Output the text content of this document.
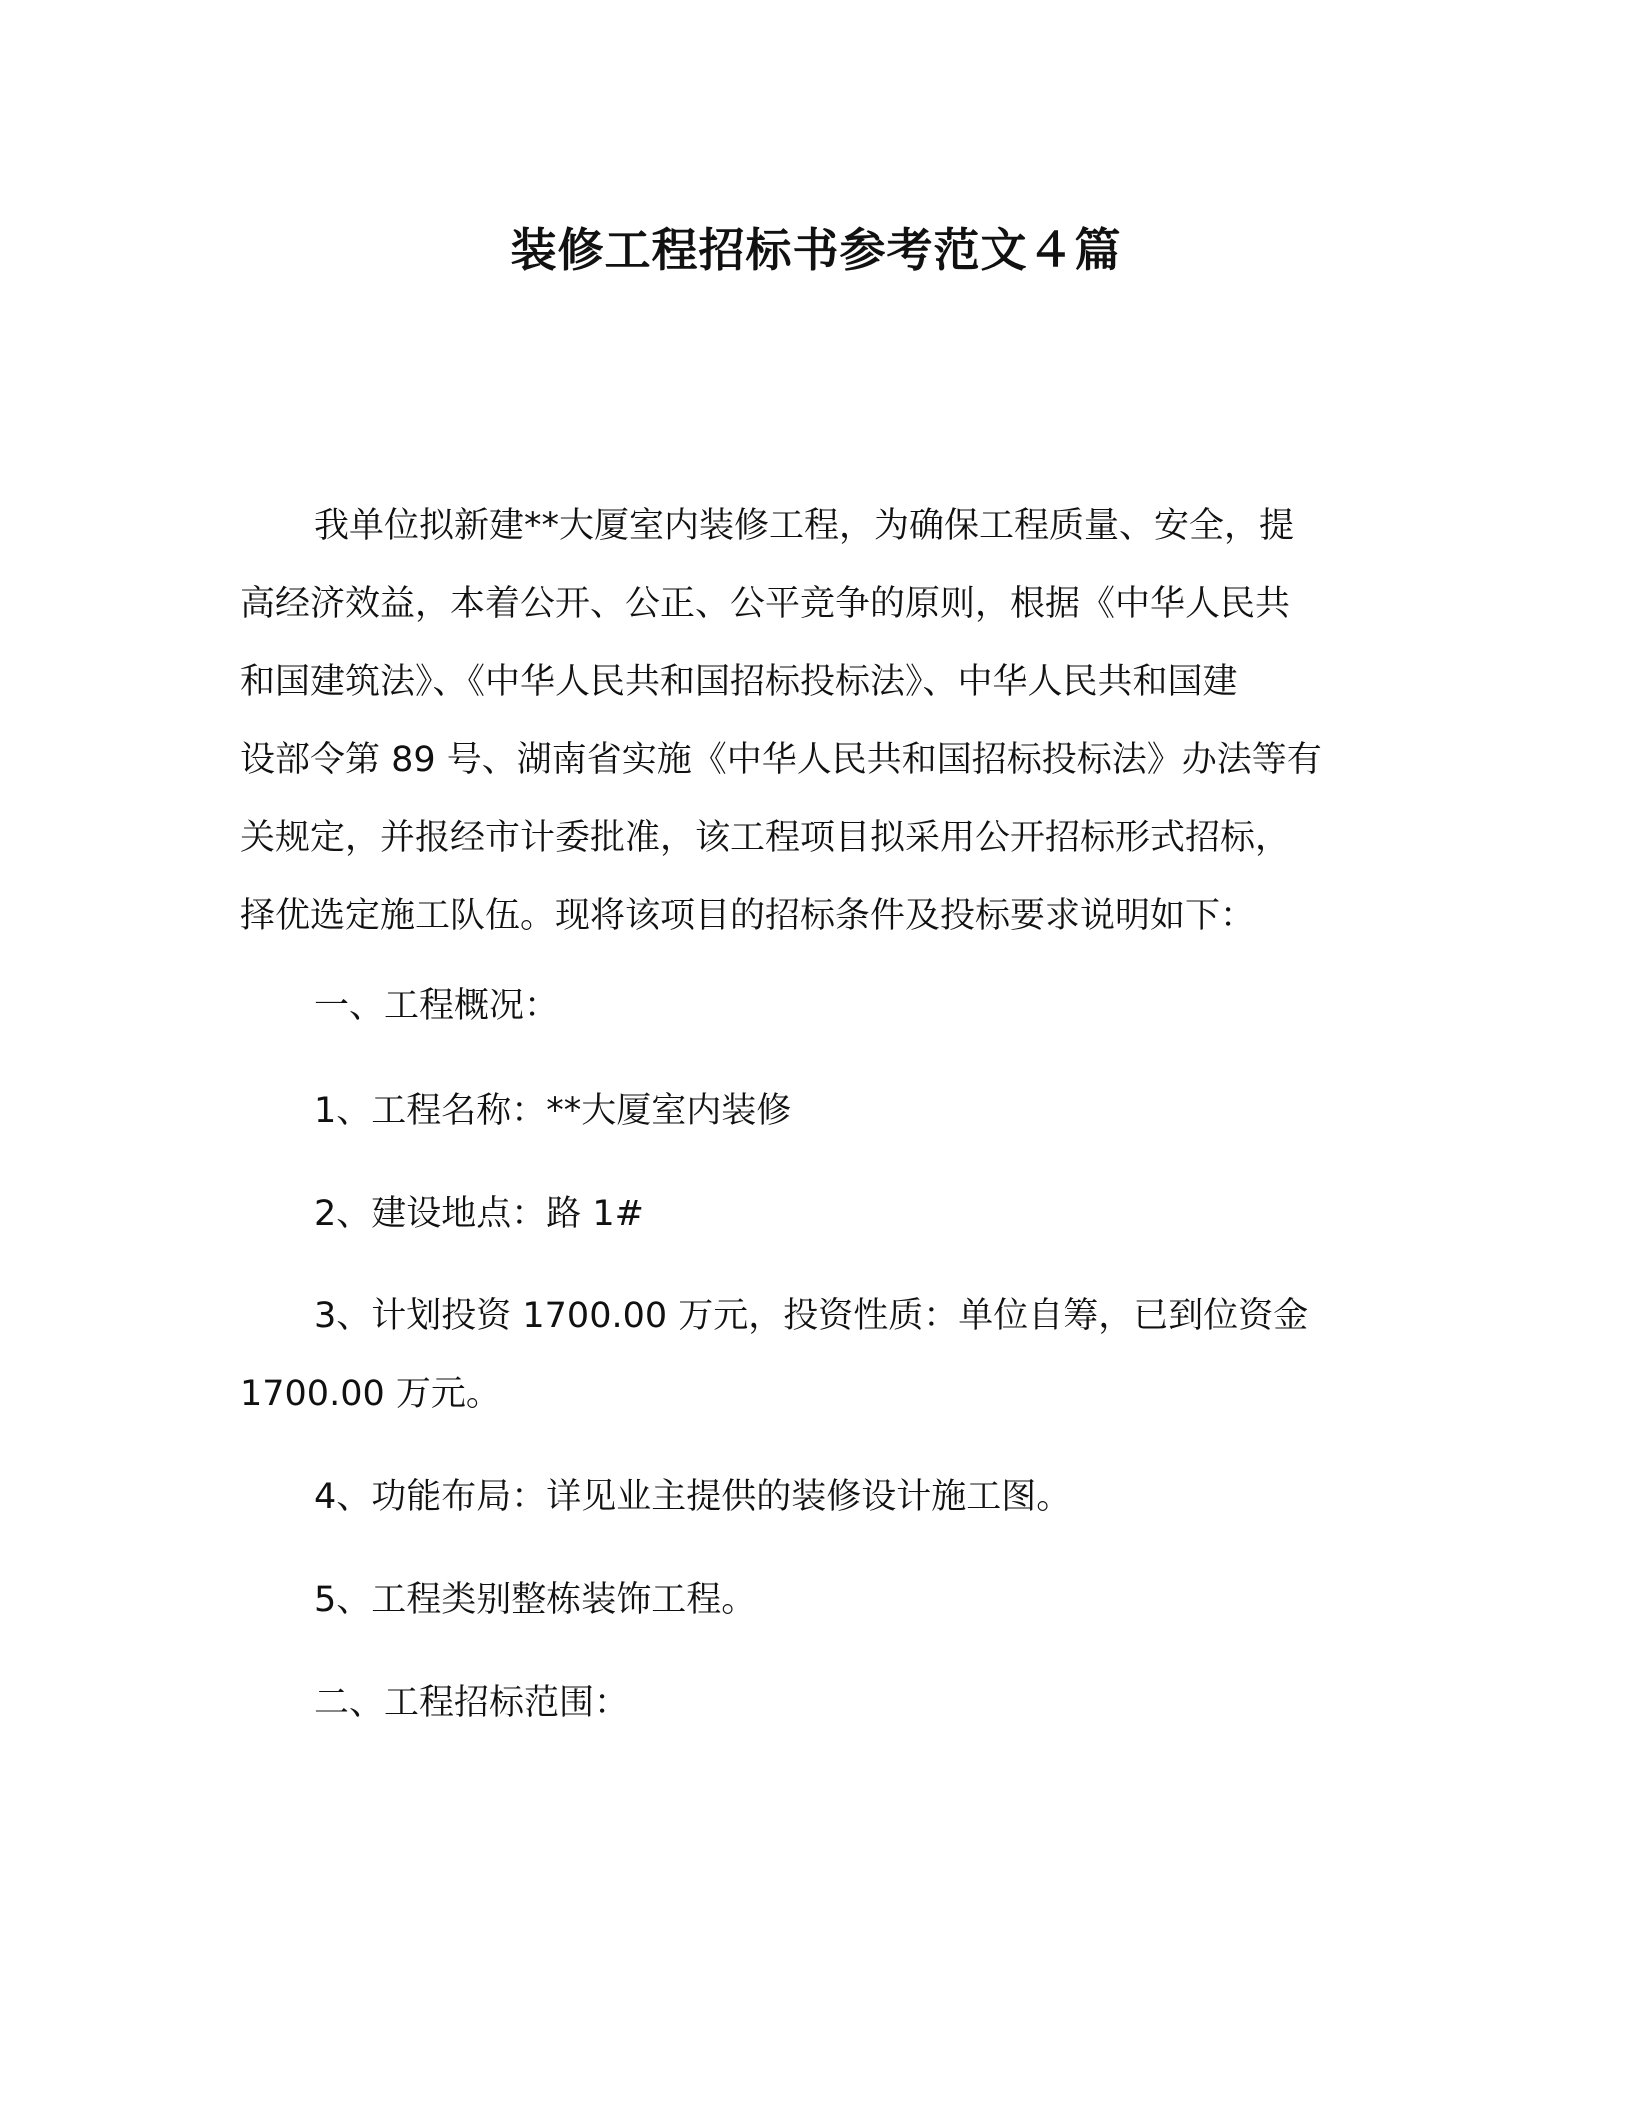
装修工程招标书参考范文４篇
我单位拟新建**大厦室内装修工程，为确保工程质量、安全，提
高经济效益，本着公开、公正、公平竞争的原则，根据《中华人民共
和国建筑法》、《中华人民共和国招标投标法》、中华人民共和国建
设部令第 89 号、湖南省实施《中华人民共和国招标投标法》办法等有
关规定，并报经市计委批准，该工程项目拟采用公开招标形式招标，
择优选定施工队伍。现将该项目的招标条件及投标要求说明如下：
一、工程概况：
1、工程名称：**大厦室内装修
2、建设地点：路 1#
3、计划投资 1700.00 万元，投资性质：单位自筹，已到位资金
1700.00 万元。
4、功能布局：详见业主提供的装修设计施工图。
5、工程类别整栋装饰工程。
二、工程招标范围：
